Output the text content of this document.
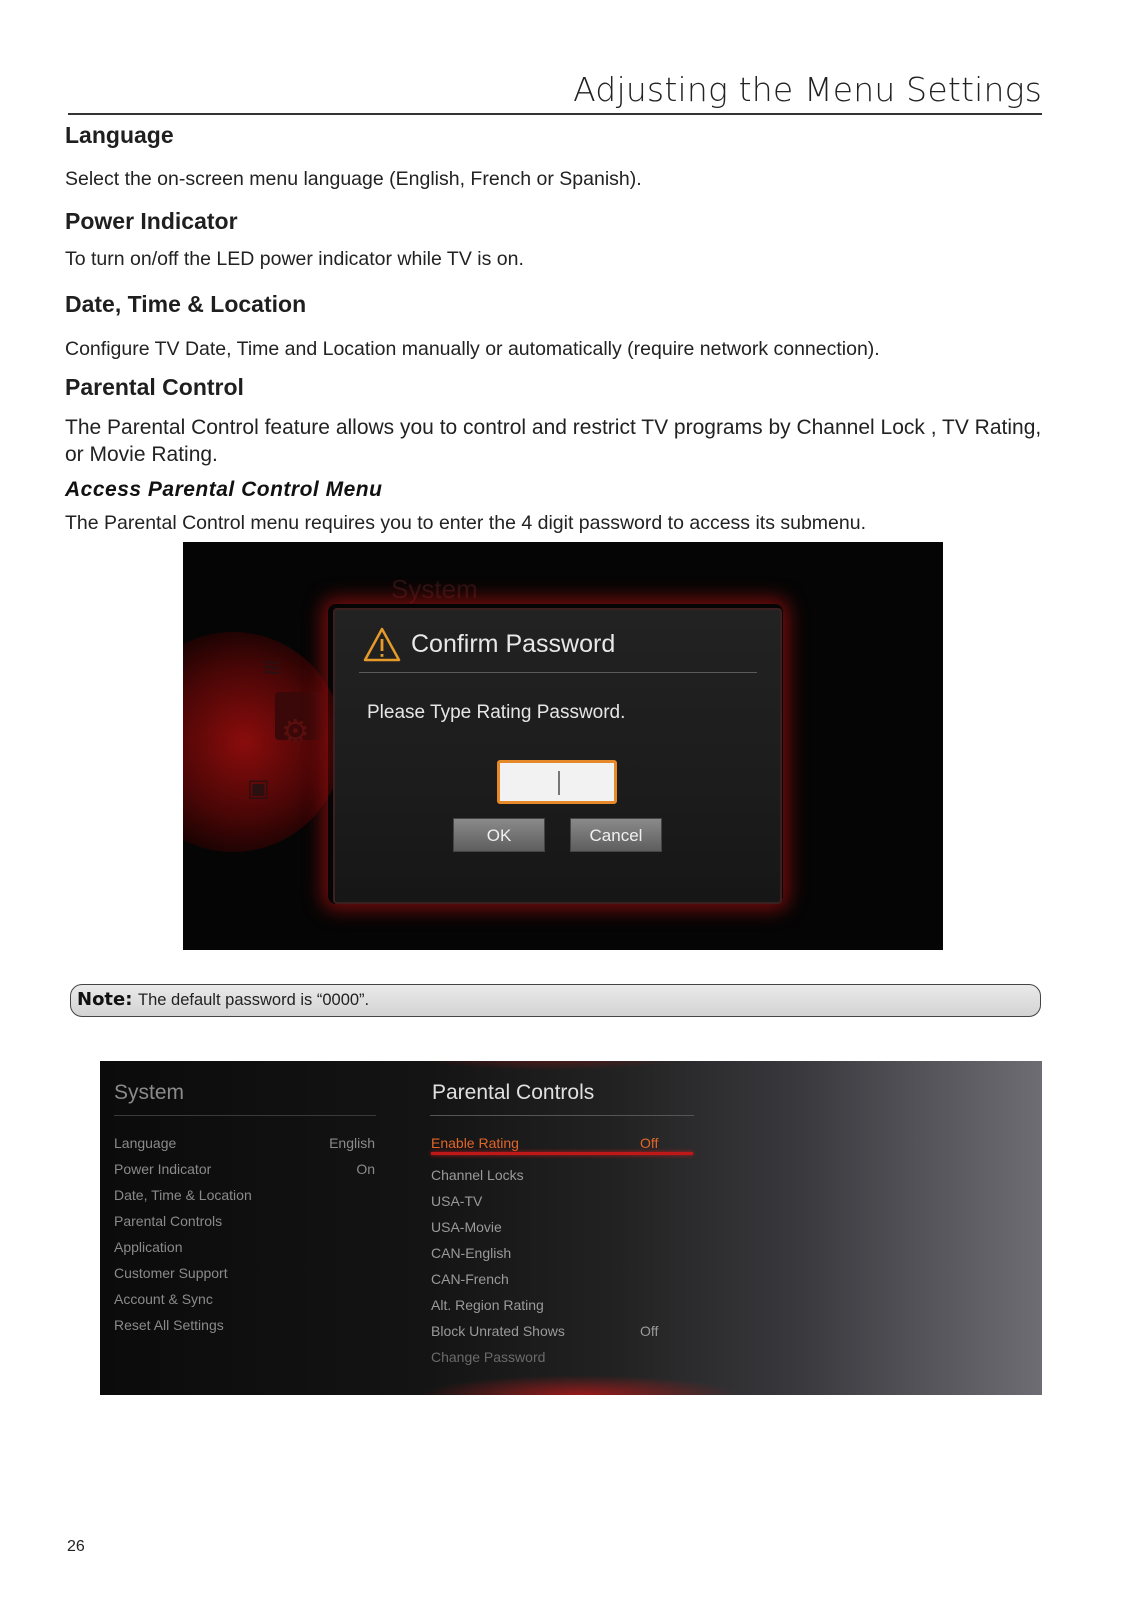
Adjusting the Menu Settings
Language
Select the on-screen menu language (English, French or Spanish).
Power Indicator
To turn on/off the LED power indicator while TV is on.
Date, Time & Location
Configure TV Date, Time and Location manually or automatically (require network connection).
Parental Control
The Parental Control feature allows you to control and restrict TV programs by Channel Lock , TV Rating, or Movie Rating.
Access Parental Control Menu
The Parental Control menu requires you to enter the 4 digit password to access its submenu.
System
≋
⚙
▣
Confirm Password
Please Type Rating Password.
OK	Cancel
Note: The default password is “0000”.
System
Language	English
Power Indicator	On
Date, Time & Location
Parental Controls
Application
Customer Support
Account & Sync
Reset All Settings
Parental Controls
Enable Rating	Off
Channel Locks
USA-TV
USA-Movie
CAN-English
CAN-French
Alt. Region Rating
Block Unrated Shows	Off
Change Password
26
